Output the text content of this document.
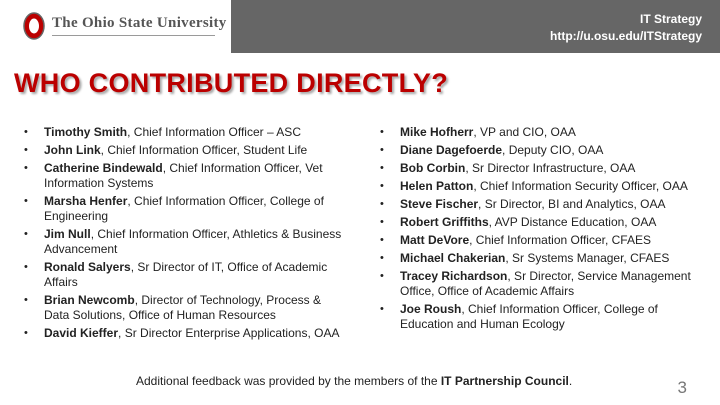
The Ohio State University	IT Strategy
http://u.osu.edu/ITStrategy
WHO CONTRIBUTED DIRECTLY?
• Timothy Smith, Chief Information Officer – ASC
• John Link, Chief Information Officer, Student Life
• Catherine Bindewald, Chief Information Officer, Vet Information Systems
• Marsha Henfer, Chief Information Officer, College of Engineering
• Jim Null, Chief Information Officer, Athletics & Business Advancement
• Ronald Salyers, Sr Director of IT, Office of Academic Affairs
• Brian Newcomb, Director of Technology, Process & Data Solutions, Office of Human Resources
• David Kieffer, Sr Director Enterprise Applications, OAA
• Mike Hofherr, VP and CIO, OAA
• Diane Dagefoerde, Deputy CIO, OAA
• Bob Corbin, Sr Director Infrastructure, OAA
• Helen Patton, Chief Information Security Officer, OAA
• Steve Fischer, Sr Director, BI and Analytics, OAA
• Robert Griffiths, AVP Distance Education, OAA
• Matt DeVore, Chief Information Officer, CFAES
• Michael Chakerian, Sr Systems Manager, CFAES
• Tracey Richardson, Sr Director, Service Management Office, Office of Academic Affairs
• Joe Roush, Chief Information Officer, College of Education and Human Ecology
Additional feedback was provided by the members of the IT Partnership Council.	3
